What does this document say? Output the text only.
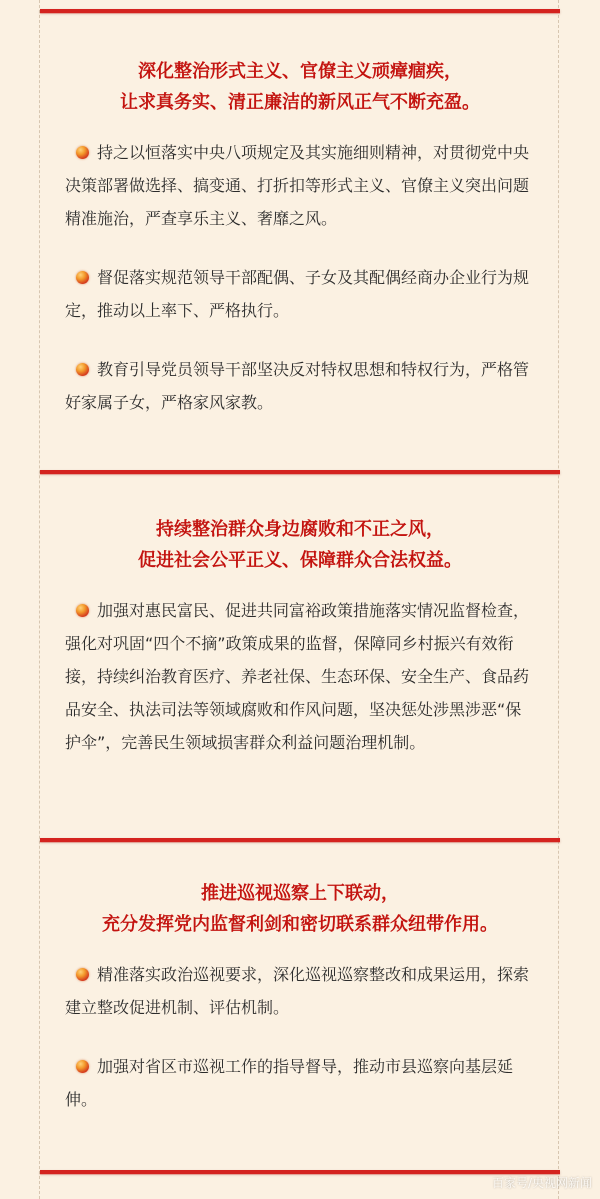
深化整治形式主义、官僚主义顽瘴痼疾，
让求真务实、清正廉洁的新风正气不断充盈。
持之以恒落实中央八项规定及其实施细则精神，对贯彻党中央决策部署做选择、搞变通、打折扣等形式主义、官僚主义突出问题精准施治，严查享乐主义、奢靡之风。
督促落实规范领导干部配偶、子女及其配偶经商办企业行为规定，推动以上率下、严格执行。
教育引导党员领导干部坚决反对特权思想和特权行为，严格管好家属子女，严格家风家教。
持续整治群众身边腐败和不正之风，
促进社会公平正义、保障群众合法权益。
加强对惠民富民、促进共同富裕政策措施落实情况监督检查，强化对巩固“四个不摘”政策成果的监督，保障同乡村振兴有效衔接，持续纠治教育医疗、养老社保、生态环保、安全生产、食品药品安全、执法司法等领域腐败和作风问题，坚决惩处涉黑涉恶“保护伞”，完善民生领域损害群众利益问题治理机制。
推进巡视巡察上下联动，
充分发挥党内监督利剑和密切联系群众纽带作用。
精准落实政治巡视要求，深化巡视巡察整改和成果运用，探索建立整改促进机制、评估机制。
加强对省区市巡视工作的指导督导，推动市县巡察向基层延伸。
百家号/央视网新闻
